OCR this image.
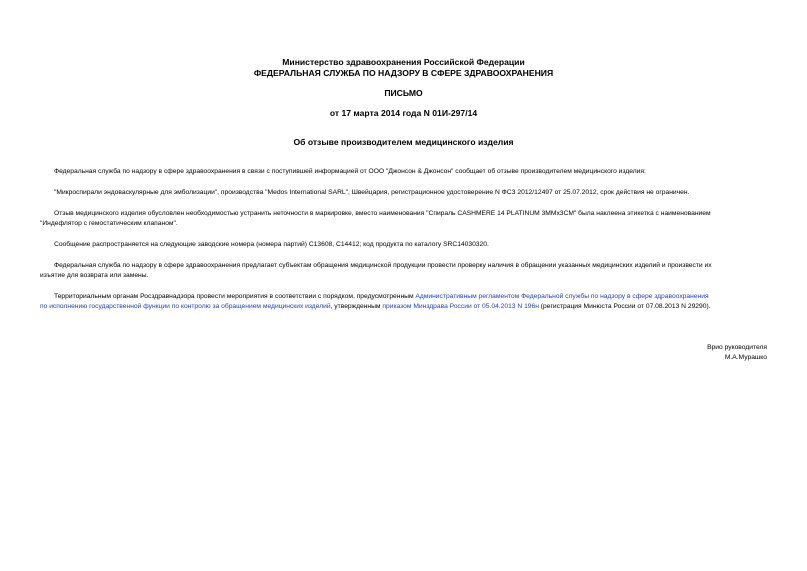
Министерство здравоохранения Российской Федерации
ФЕДЕРАЛЬНАЯ СЛУЖБА ПО НАДЗОРУ В СФЕРЕ ЗДРАВООХРАНЕНИЯ
ПИСЬМО
от 17 марта 2014 года N 01И-297/14
Об отзыве производителем медицинского изделия
Федеральная служба по надзору в сфере здравоохранения в связи с поступившей информацией от ООО "Джонсон & Джонсон" сообщает об отзыве производителем медицинского изделия:
"Микроспирали эндоваскулярные для эмболизации", производства "Medos International SARL", Швейцария, регистрационное удостоверение N ФСЗ 2012/12497 от 25.07.2012, срок действия не ограничен.
Отзыв медицинского изделия обусловлен необходимостью устранить неточности в маркировке, вместо наименования "Спираль CASHMERE 14 PLATINUM 3MMx3CM" была наклеена этикетка с наименованием
"Индефлятор с гемостатическим клапаном".
Сообщение распространяется на следующие заводские номера (номера партий) С13608, С14412; код продукта по каталогу SRC14030320.
Федеральная служба по надзору в сфере здравоохранения предлагает субъектам обращения медицинской продукции провести проверку наличия в обращении указанных медицинских изделий и произвести их
изъятие для возврата или замены.
Территориальным органам Росздравнадзора провести мероприятия в соответствии с порядком, предусмотренным Административным регламентом Федеральной службы по надзору в сфере здравоохранения
по исполнению государственной функции по контролю за обращением медицинских изделий, утвержденным приказом Минздрава России от 05.04.2013 N 196н (регистрация Минюста России от 07.08.2013 N 29290).
Врио руководителя
М.А.Мурашко
